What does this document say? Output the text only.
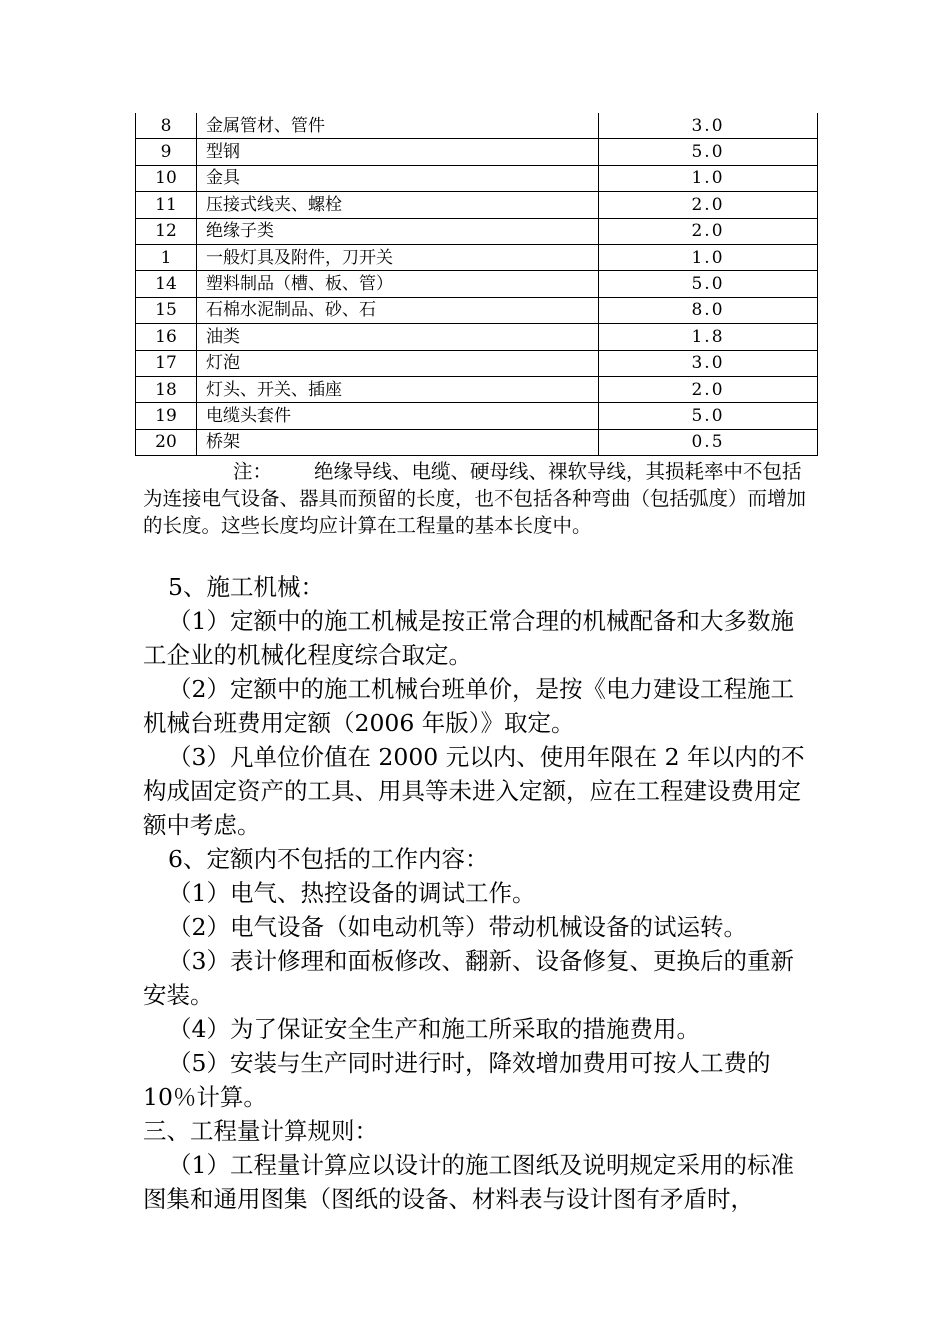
8	金属管材、管件	3.0
9	型钢	5.0
10	金具	1.0
11	压接式线夹、螺栓	2.0
12	绝缘子类	2.0
1	一般灯具及附件，刀开关	1.0
14	塑料制品（槽、板、管）	5.0
15	石棉水泥制品、砂、石	8.0
16	油类	1.8
17	灯泡	3.0
18	灯头、开关、插座	2.0
19	电缆头套件	5.0
20	桥架	0.5
注： 绝缘导线、电缆、硬母线、裸软导线，其损耗率中不包括为连接电气设备、器具而预留的长度，也不包括各种弯曲（包括弧度）而增加的长度。这些长度均应计算在工程量的基本长度中。

5、施工机械：

（1）定额中的施工机械是按正常合理的机械配备和大多数施工企业的机械化程度综合取定。

（2）定额中的施工机械台班单价，是按《电力建设工程施工机械台班费用定额（2006 年版）》取定。

（3）凡单位价值在 2000 元以内、使用年限在 2 年以内的不构成固定资产的工具、用具等未进入定额，应在工程建设费用定额中考虑。

6、定额内不包括的工作内容：

（1）电气、热控设备的调试工作。

（2）电气设备（如电动机等）带动机械设备的试运转。

（3）表计修理和面板修改、翻新、设备修复、更换后的重新安装。

（4）为了保证安全生产和施工所采取的措施费用。

（5）安装与生产同时进行时，降效增加费用可按人工费的10％计算。

三、工程量计算规则：

（1）工程量计算应以设计的施工图纸及说明规定采用的标准图集和通用图集（图纸的设备、材料表与设计图有矛盾时，
